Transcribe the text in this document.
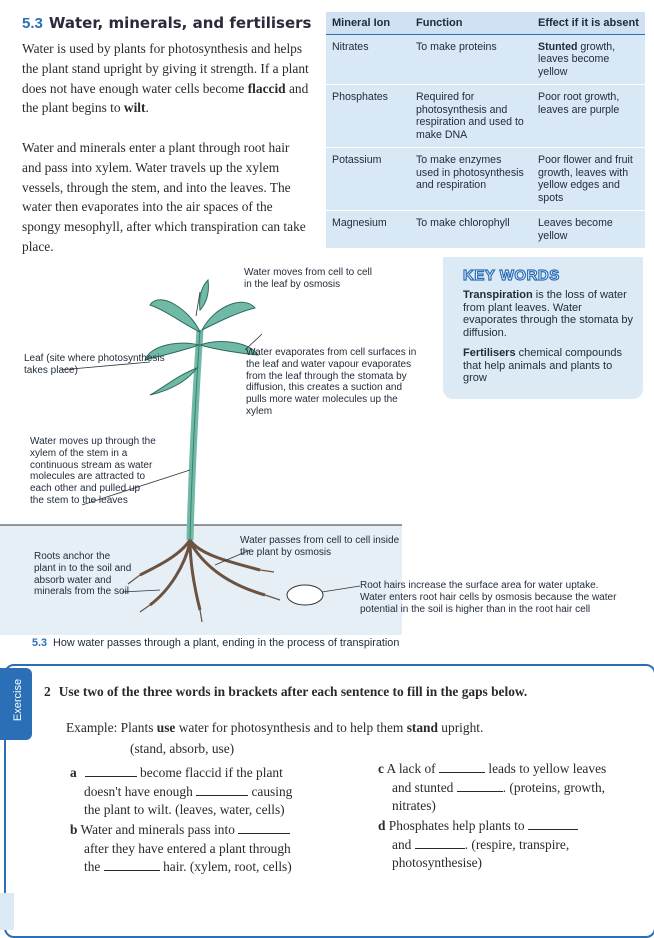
5.3 Water, minerals, and fertilisers
Water is used by plants for photosynthesis and helps the plant stand upright by giving it strength. If a plant does not have enough water cells become flaccid and the plant begins to wilt.
Water and minerals enter a plant through root hair and pass into xylem. Water travels up the xylem vessels, through the stem, and into the leaves. The water then evaporates into the air spaces of the spongy mesophyll, after which transpiration can take place.
Mineral Ion	Function	Effect if it is absent
Nitrates	To make proteins	Stunted growth, leaves become yellow
Phosphates	Required for photosynthesis and respiration and used to make DNA	Poor root growth, leaves are purple
Potassium	To make enzymes used in photosynthesis and respiration	Poor flower and fruit growth, leaves with yellow edges and spots
Magnesium	To make chlorophyll	Leaves become yellow
KEY WORDS
Transpiration is the loss of water from plant leaves. Water evaporates through the stomata by diffusion.
Fertilisers chemical compounds that help animals and plants to grow
Water moves from cell to cell in the leaf by osmosis
Leaf (site where photosynthesis takes place)
Water evaporates from cell surfaces in the leaf and water vapour evaporates from the leaf through the stomata by diffusion, this creates a suction and pulls more water molecules up the xylem
Water moves up through the xylem of the stem in a continuous stream as water molecules are attracted to each other and pulled up the stem to the leaves
Roots anchor the plant in to the soil and absorb water and minerals from the soil
Water passes from cell to cell inside the plant by osmosis
Root hairs increase the surface area for water uptake.
Water enters root hair cells by osmosis because the water potential in the soil is higher than in the root hair cell
5.3 How water passes through a plant, ending in the process of transpiration
Exercise 2 Use two of the three words in brackets after each sentence to fill in the gaps below.
Example: Plants use water for photosynthesis and to help them stand upright.
(stand, absorb, use)
a	become flaccid if the plant
doesn't have enough	causing
the plant to wilt. (leaves, water, cells)
b Water and minerals pass into
after they have entered a plant through
the	hair. (xylem, root, cells)
c A lack of	leads to yellow leaves
and stunted	. (proteins, growth,
nitrates)
d Phosphates help plants to
and	. (respire, transpire,
photosynthesise)
